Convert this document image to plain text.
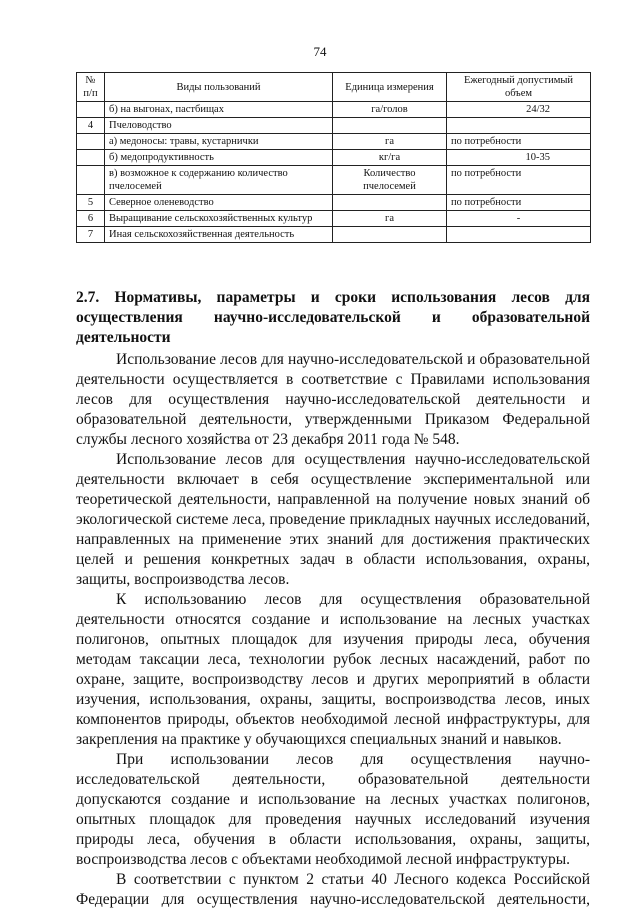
74
№ п/п	Виды пользований	Единица измерения	Ежегодный допустимый объем
	б) на выгонах, пастбищах	га/голов	24/32
4	Пчеловодство		
	а) медоносы: травы, кустарнички	га	по потребности
	б) медопродуктивность	кг/га	10-35
	в) возможное к содержанию количество пчелосемей	Количество пчелосемей	по потребности
5	Северное оленеводство		по потребности
6	Выращивание сельскохозяйственных культур	га	-
7	Иная сельскохозяйственная деятельность		
2.7. Нормативы, параметры и сроки использования лесов для
осуществления научно-исследовательской и образовательной
деятельности

Использование лесов для научно-исследовательской и образовательной деятельности осуществляется в соответствие с Правилами использования лесов для осуществления научно-исследовательской деятельности и образовательной деятельности, утвержденными Приказом Федеральной службы лесного хозяйства от 23 декабря 2011 года № 548.

Использование лесов для осуществления научно-исследовательской деятельности включает в себя осуществление экспериментальной или теоретической деятельности, направленной на получение новых знаний об экологической системе леса, проведение прикладных научных исследований, направленных на применение этих знаний для достижения практических целей и решения конкретных задач в области использования, охраны, защиты, воспроизводства лесов.

К использованию лесов для осуществления образовательной деятельности относятся создание и использование на лесных участках полигонов, опытных площадок для изучения природы леса, обучения методам таксации леса, технологии рубок лесных насаждений, работ по охране, защите, воспроизводству лесов и других мероприятий в области изучения, использования, охраны, защиты, воспроизводства лесов, иных компонентов природы, объектов необходимой лесной инфраструктуры, для закрепления на практике у обучающихся специальных знаний и навыков.

При использовании лесов для осуществления научно-исследовательской деятельности, образовательной деятельности допускаются создание и использование на лесных участках полигонов, опытных площадок для проведения научных исследований изучения природы леса, обучения в области использования, охраны, защиты, воспроизводства лесов с объектами необходимой лесной инфраструктуры.

В соответствии с пунктом 2 статьи 40 Лесного кодекса Российской Федерации для осуществления научно-исследовательской деятельности,
